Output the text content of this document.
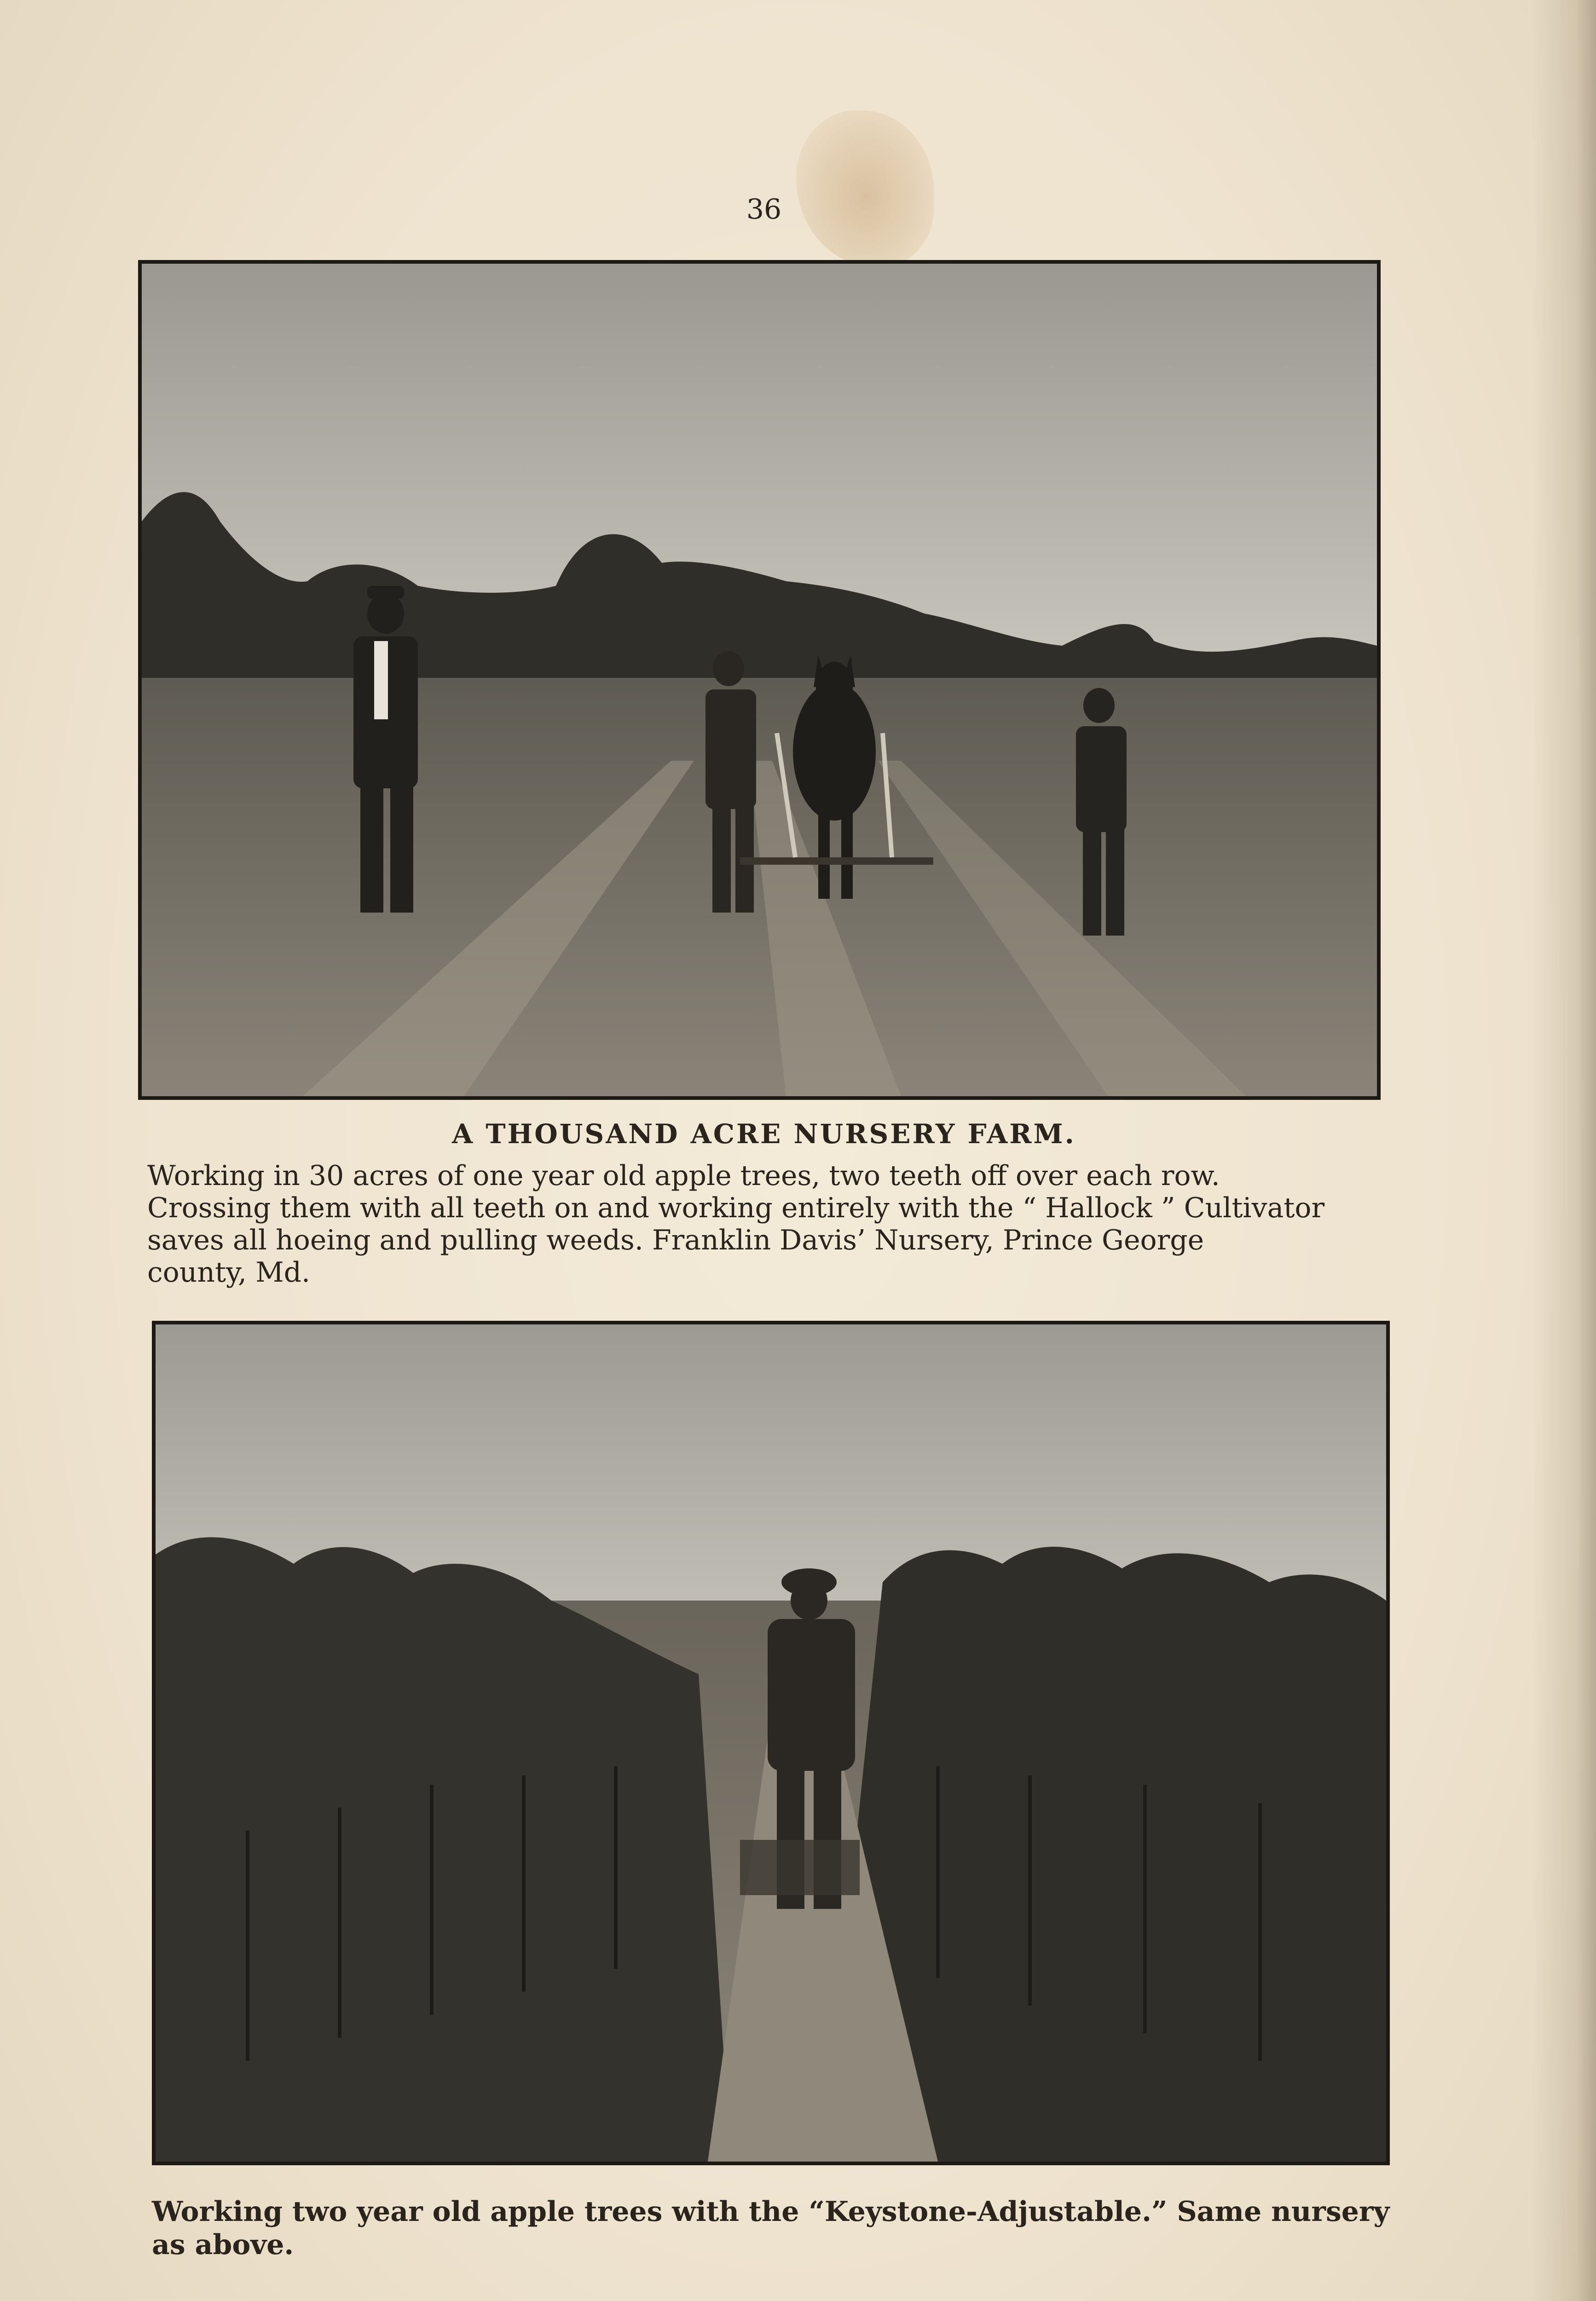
36
A THOUSAND ACRE NURSERY FARM.
Working in 30 acres of one year old apple trees, two teeth off over each row.
Crossing them with all teeth on and working entirely with the “ Hallock ” Cultivator
saves all hoeing and pulling weeds. Franklin Davis’ Nursery, Prince George
county, Md.
Working two year old apple trees with the “Keystone-Adjustable.” Same nursery
as above.
